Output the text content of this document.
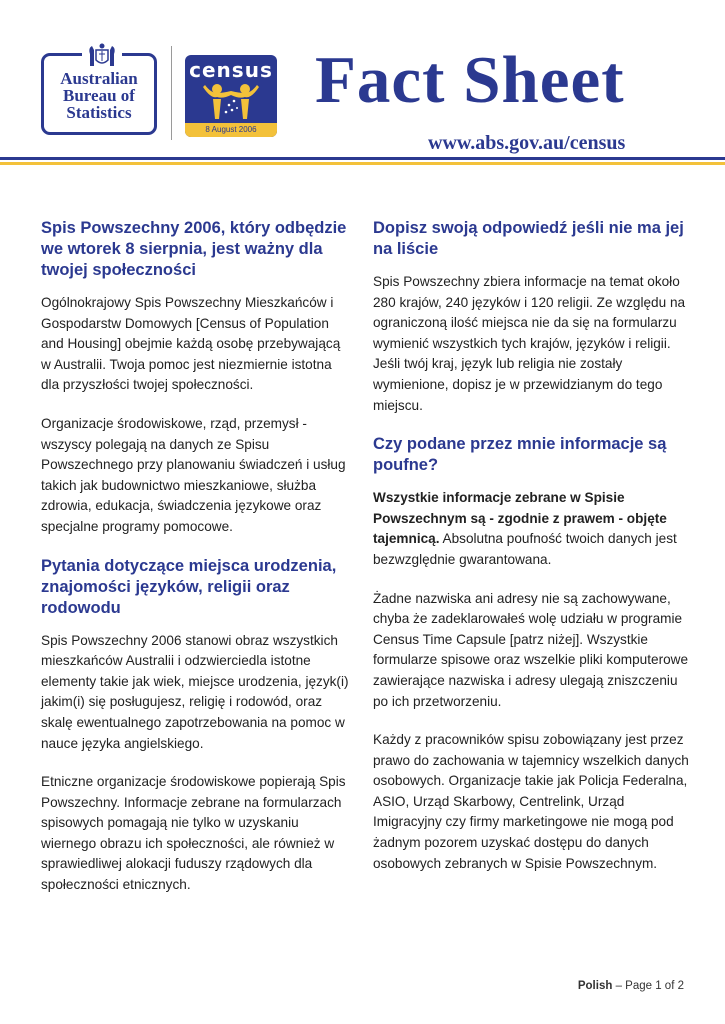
Australian
Bureau of
Statistics
census
8 August 2006
Fact Sheet
www.abs.gov.au/census
Spis Powszechny 2006, który odbędzie we wtorek 8 sierpnia, jest ważny dla twojej społeczności

Ogólnokrajowy Spis Powszechny Mieszkańców i Gospodarstw Domowych [Census of Population and Housing] obejmie każdą osobę przebywającą w Australii. Twoja pomoc jest niezmiernie istotna dla przyszłości twojej społeczności.

Organizacje środowiskowe, rząd, przemysł - wszyscy polegają na danych ze Spisu Powszechnego przy planowaniu świadczeń i usług takich jak budownictwo mieszkaniowe, służba zdrowia, edukacja, świadczenia językowe oraz specjalne programy pomocowe.

Pytania dotyczące miejsca urodzenia, znajomości języków, religii oraz rodowodu

Spis Powszechny 2006 stanowi obraz wszystkich mieszkańców Australii i odzwierciedla istotne elementy takie jak wiek, miejsce urodzenia, język(i) jakim(i) się posługujesz, religię i rodowód, oraz skalę ewentualnego zapotrzebowania na pomoc w nauce języka angielskiego.

Etniczne organizacje środowiskowe popierają Spis Powszechny. Informacje zebrane na formularzach spisowych pomagają nie tylko w uzyskaniu wiernego obrazu ich społeczności, ale również w sprawiedliwej alokacji fuduszy rządowych dla społeczności etnicznych.

Dopisz swoją odpowiedź jeśli nie ma jej na liście

Spis Powszechny zbiera informacje na temat około 280 krajów, 240 języków i 120 religii. Ze względu na ograniczoną ilość miejsca nie da się na formularzu wymienić wszystkich tych krajów, języków i religii. Jeśli twój kraj, język lub religia nie zostały wymienione, dopisz je w przewidzianym do tego miejscu.

Czy podane przez mnie informacje są poufne?

Wszystkie informacje zebrane w Spisie Powszechnym są - zgodnie z prawem - objęte tajemnicą. Absolutna poufność twoich danych jest bezwzględnie gwarantowana.

Żadne nazwiska ani adresy nie są zachowywane, chyba że zadeklarowałeś wolę udziału w programie Census Time Capsule [patrz niżej]. Wszystkie formularze spisowe oraz wszelkie pliki komputerowe zawierające nazwiska i adresy ulegają zniszczeniu po ich przetworzeniu.

Każdy z pracowników spisu zobowiązany jest przez prawo do zachowania w tajemnicy wszelkich danych osobowych. Organizacje takie jak Policja Federalna, ASIO, Urząd Skarbowy, Centrelink, Urząd Imigracyjny czy firmy marketingowe nie mogą pod żadnym pozorem uzyskać dostępu do danych osobowych zebranych w Spisie Powszechnym.

Polish – Page 1 of 2
